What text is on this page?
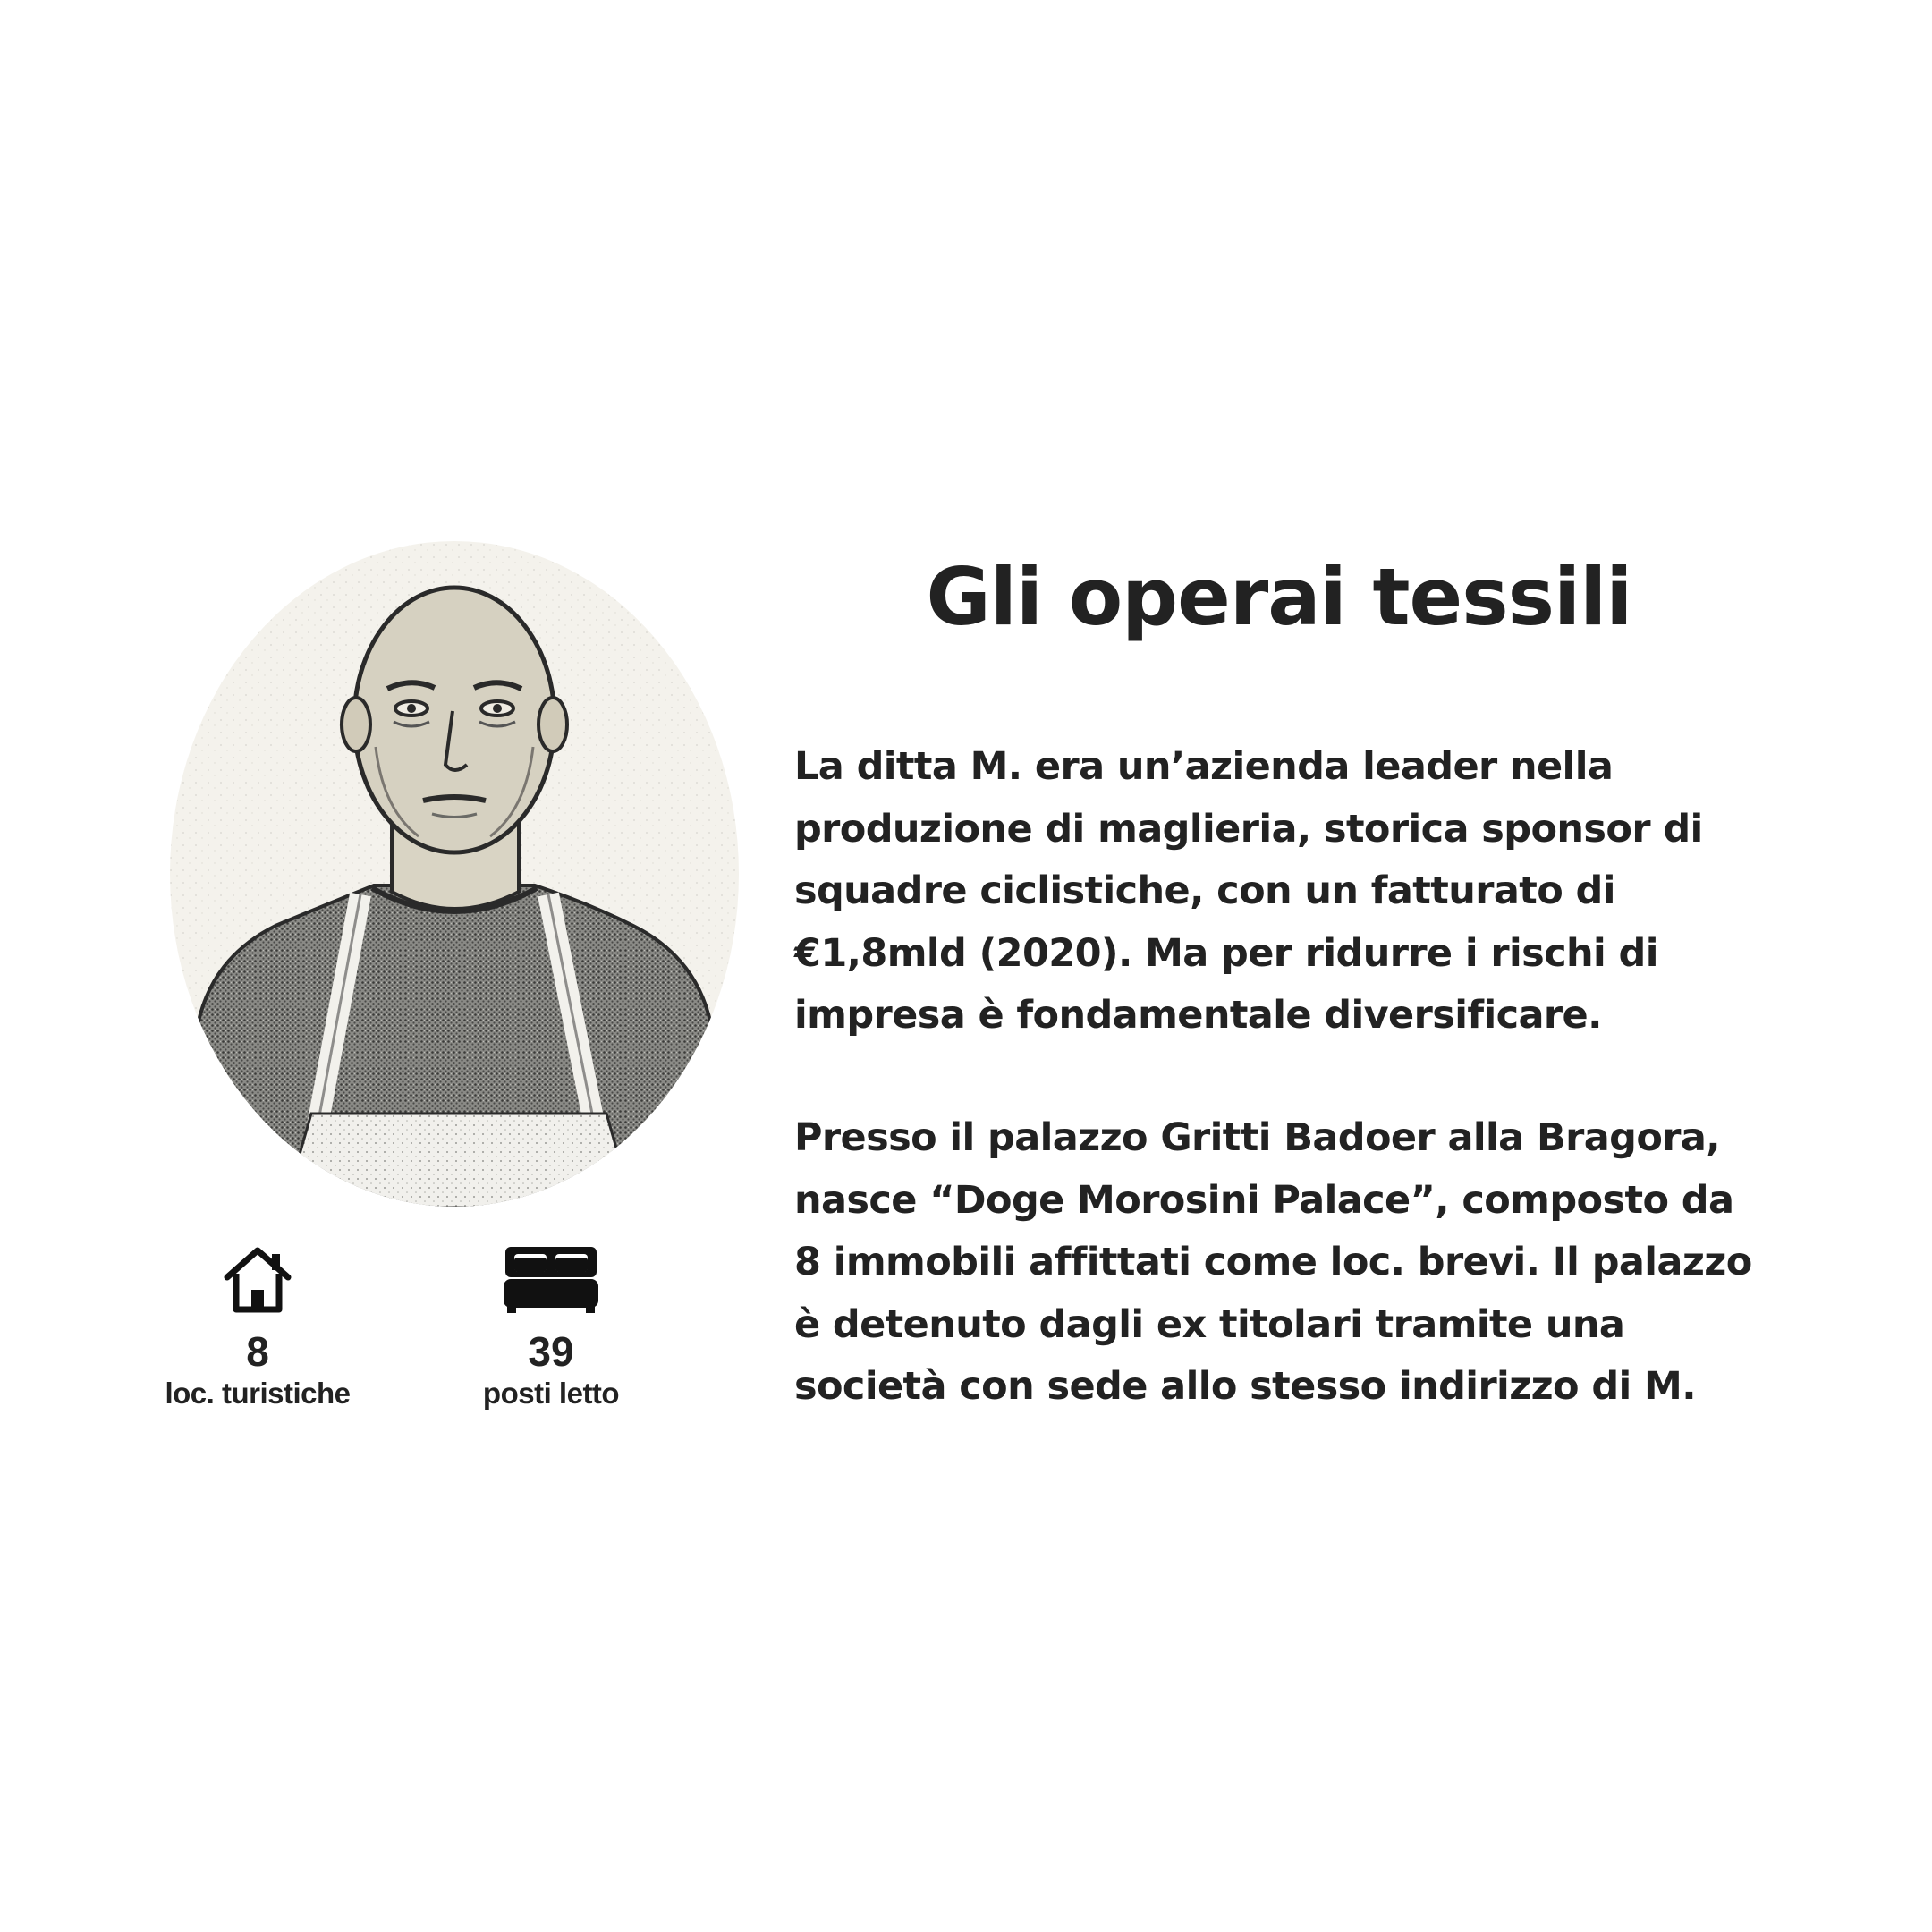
8
loc. turistiche
39
posti letto
Gli operai tessili

La ditta M. era un’azienda leader nella
produzione di maglieria, storica sponsor di
squadre ciclistiche, con un fatturato di
€1,8mld (2020). Ma per ridurre i rischi di
impresa è fondamentale diversificare.

Presso il palazzo Gritti Badoer alla Bragora,
nasce “Doge Morosini Palace”, composto da
8 immobili affittati come loc. brevi. Il palazzo
è detenuto dagli ex titolari tramite una
società con sede allo stesso indirizzo di M.
